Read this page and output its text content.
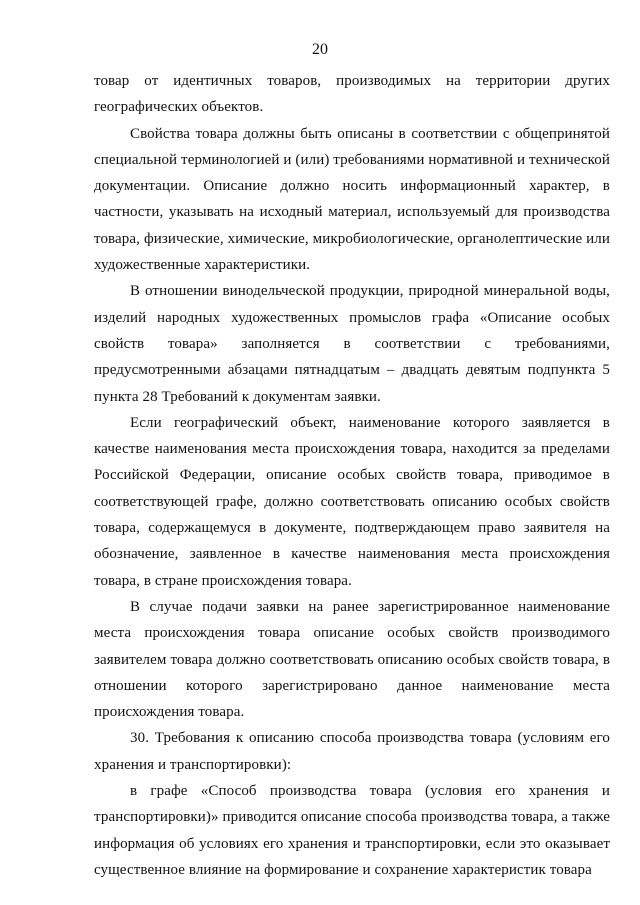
20

товар от идентичных товаров, производимых на территории других географических объектов.

Свойства товара должны быть описаны в соответствии с общепринятой специальной терминологией и (или) требованиями нормативной и технической документации. Описание должно носить информационный характер, в частности, указывать на исходный материал, используемый для производства товара, физические, химические, микробиологические, органолептические или художественные характеристики.

В отношении винодельческой продукции, природной минеральной воды, изделий народных художественных промыслов графа «Описание особых свойств товара» заполняется в соответствии с требованиями, предусмотренными абзацами пятнадцатым – двадцать девятым подпункта 5 пункта 28 Требований к документам заявки.

Если географический объект, наименование которого заявляется в качестве наименования места происхождения товара, находится за пределами Российской Федерации, описание особых свойств товара, приводимое в соответствующей графе, должно соответствовать описанию особых свойств товара, содержащемуся в документе, подтверждающем право заявителя на обозначение, заявленное в качестве наименования места происхождения товара, в стране происхождения товара.

В случае подачи заявки на ранее зарегистрированное наименование места происхождения товара описание особых свойств производимого заявителем товара должно соответствовать описанию особых свойств товара, в отношении которого зарегистрировано данное наименование места происхождения товара.

30. Требования к описанию способа производства товара (условиям его хранения и транспортировки):

в графе «Способ производства товара (условия его хранения и транспортировки)» приводится описание способа производства товара, а также информация об условиях его хранения и транспортировки, если это оказывает существенное влияние на формирование и сохранение характеристик товара
